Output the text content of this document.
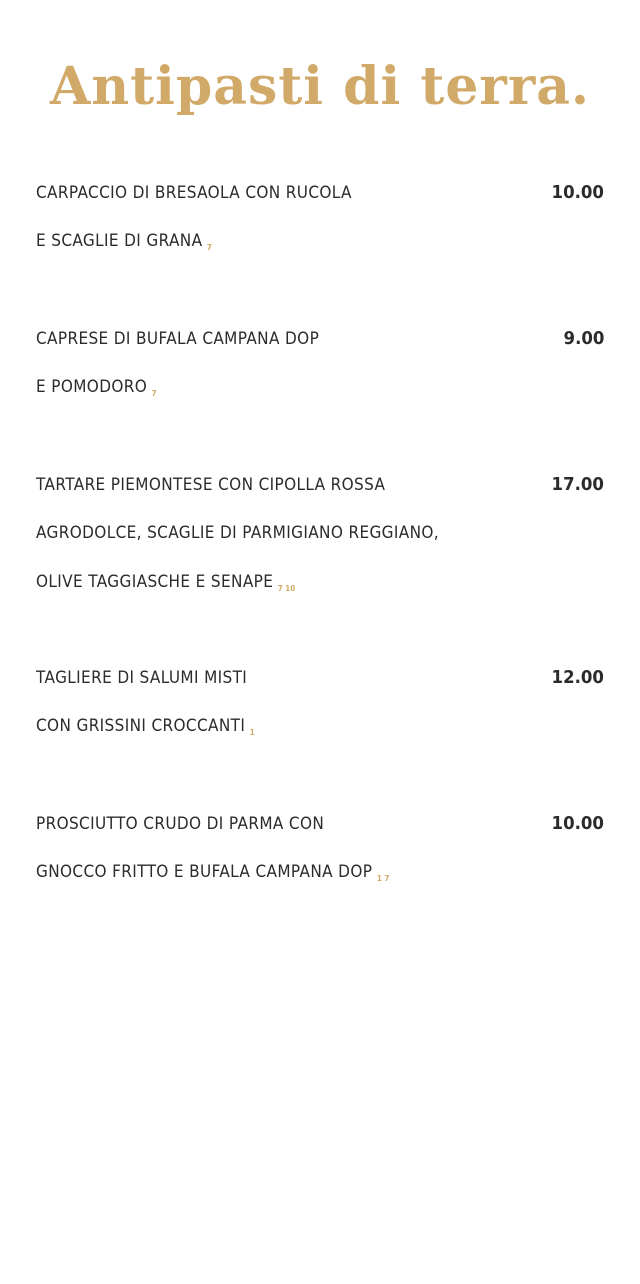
Antipasti di terra.
CARPACCIO DI BRESAOLA CON RUCOLA
E SCAGLIE DI GRANA $_7$
10.00
CAPRESE DI BUFALA CAMPANA DOP
E POMODORO $_7$
9.00
TARTARE PIEMONTESE CON CIPOLLA ROSSA
AGRODOLCE, SCAGLIE DI PARMIGIANO REGGIANO,
OLIVE TAGGIASCHE E SENAPE $_{7 10}$
17.00
TAGLIERE DI SALUMI MISTI
CON GRISSINI CROCCANTI $_1$
12.00
PROSCIUTTO CRUDO DI PARMA CON
GNOCCO FRITTO E BUFALA CAMPANA DOP $_{1 7}$
10.00
